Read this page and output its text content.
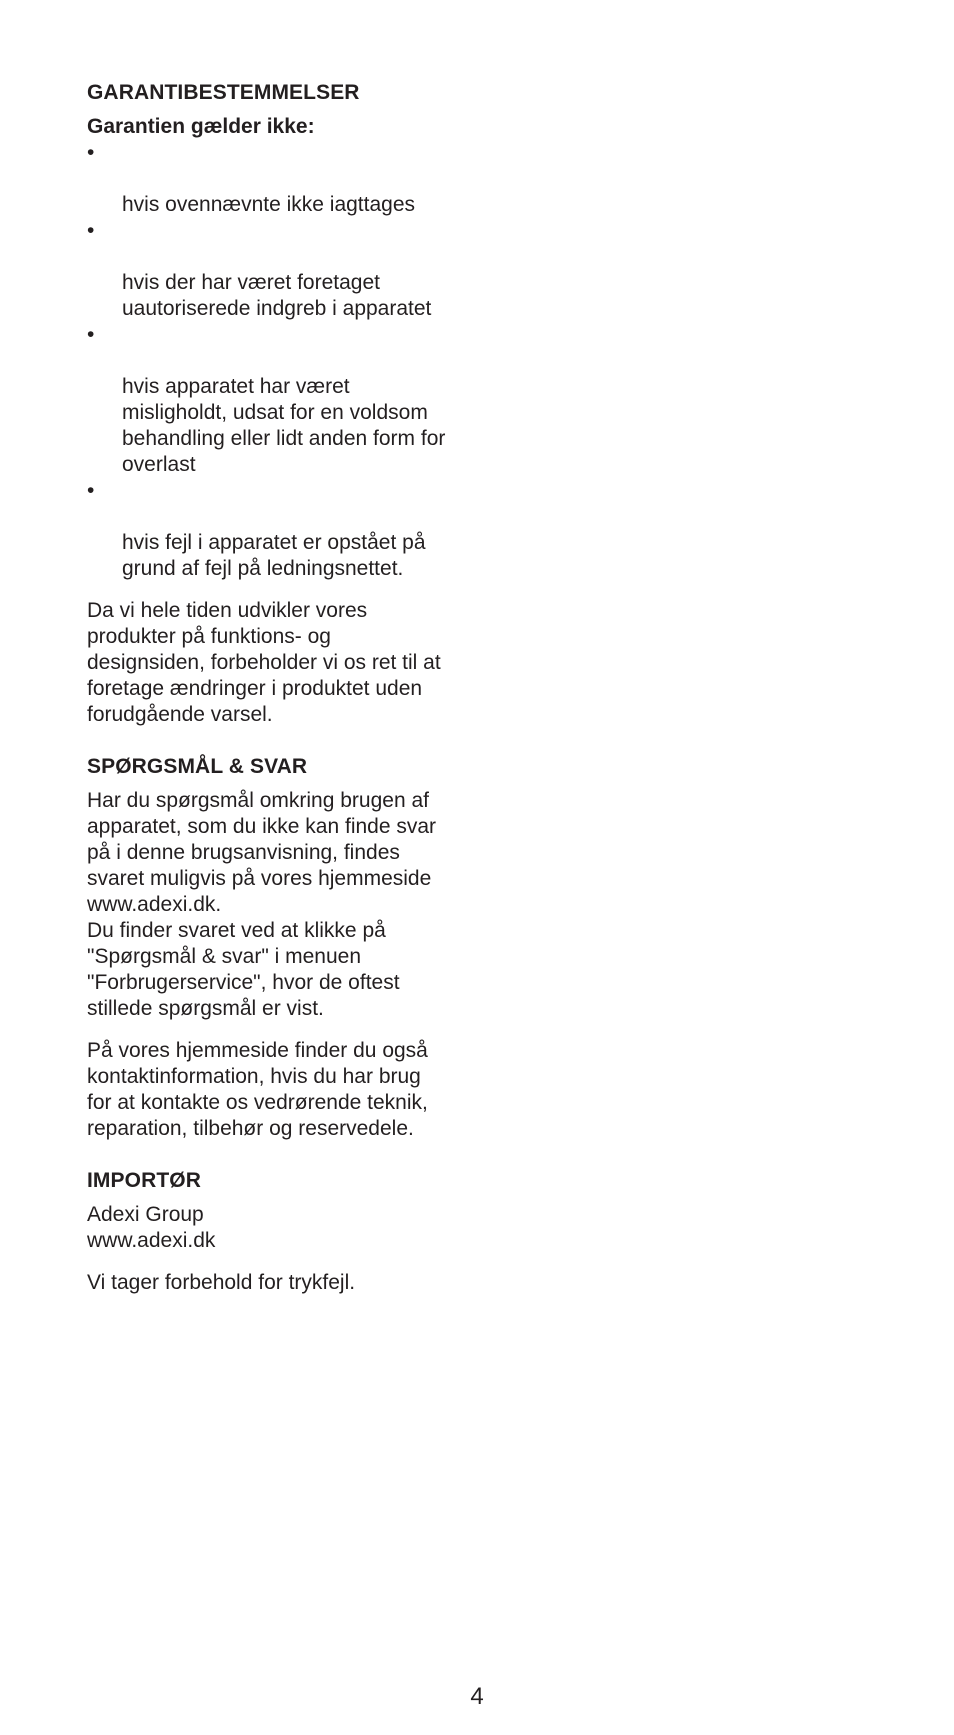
GARANTIBESTEMMELSER
Garantien gælder ikke:

•

hvis ovennævnte ikke iagttages

•

hvis der har været foretaget
uautoriserede indgreb i apparatet

•

hvis apparatet har været
misligholdt, udsat for en voldsom
behandling eller lidt anden form for
overlast

•

hvis fejl i apparatet er opstået på
grund af fejl på ledningsnettet.

Da vi hele tiden udvikler vores
produkter på funktions- og
designsiden, forbeholder vi os ret til at
foretage ændringer i produktet uden
forudgående varsel.

SPØRGSMÅL & SVAR

Har du spørgsmål omkring brugen af
apparatet, som du ikke kan finde svar
på i denne brugsanvisning, findes
svaret muligvis på vores hjemmeside
www.adexi.dk.
Du finder svaret ved at klikke på
"Spørgsmål & svar" i menuen
"Forbrugerservice", hvor de oftest
stillede spørgsmål er vist.

På vores hjemmeside finder du også
kontaktinformation, hvis du har brug
for at kontakte os vedrørende teknik,
reparation, tilbehør og reservedele.

IMPORTØR
Adexi Group
www.adexi.dk
Vi tager forbehold for trykfejl.
4
